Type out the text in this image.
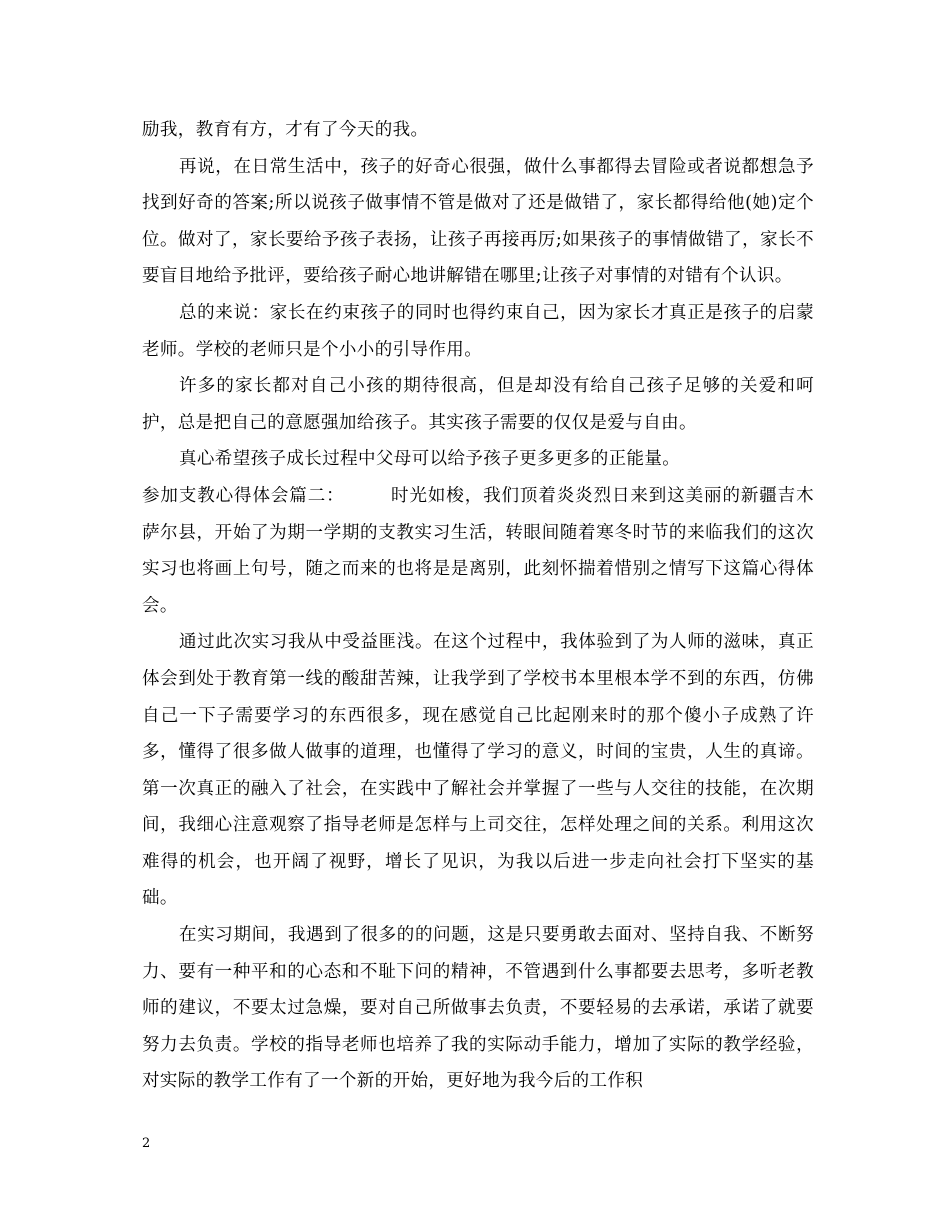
励我，教育有方，才有了今天的我。

再说，在日常生活中，孩子的好奇心很强，做什么事都得去冒险或者说都想急予找到好奇的答案;所以说孩子做事情不管是做对了还是做错了，家长都得给他(她)定个位。做对了，家长要给予孩子表扬，让孩子再接再厉;如果孩子的事情做错了，家长不要盲目地给予批评，要给孩子耐心地讲解错在哪里;让孩子对事情的对错有个认识。

总的来说：家长在约束孩子的同时也得约束自己，因为家长才真正是孩子的启蒙老师。学校的老师只是个小小的引导作用。

许多的家长都对自己小孩的期待很高，但是却没有给自己孩子足够的关爱和呵护，总是把自己的意愿强加给孩子。其实孩子需要的仅仅是爱与自由。

真心希望孩子成长过程中父母可以给予孩子更多更多的正能量。

参加支教心得体会篇二：	时光如梭，我们顶着炎炎烈日来到这美丽的新疆吉木萨尔县，开始了为期一学期的支教实习生活，转眼间随着寒冬时节的来临我们的这次实习也将画上句号，随之而来的也将是是离别，此刻怀揣着惜别之情写下这篇心得体会。

通过此次实习我从中受益匪浅。在这个过程中，我体验到了为人师的滋味，真正体会到处于教育第一线的酸甜苦辣，让我学到了学校书本里根本学不到的东西，仿佛自己一下子需要学习的东西很多，现在感觉自己比起刚来时的那个傻小子成熟了许多，懂得了很多做人做事的道理，也懂得了学习的意义，时间的宝贵，人生的真谛。第一次真正的融入了社会，在实践中了解社会并掌握了一些与人交往的技能，在次期间，我细心注意观察了指导老师是怎样与上司交往，怎样处理之间的关系。利用这次难得的机会，也开阔了视野，增长了见识，为我以后进一步走向社会打下坚实的基础。

在实习期间，我遇到了很多的的问题，这是只要勇敢去面对、坚持自我、不断努力、要有一种平和的心态和不耻下问的精神，不管遇到什么事都要去思考，多听老教师的建议，不要太过急燥，要对自己所做事去负责，不要轻易的去承诺，承诺了就要努力去负责。学校的指导老师也培养了我的实际动手能力，增加了实际的教学经验，对实际的教学工作有了一个新的开始，更好地为我今后的工作积

2
